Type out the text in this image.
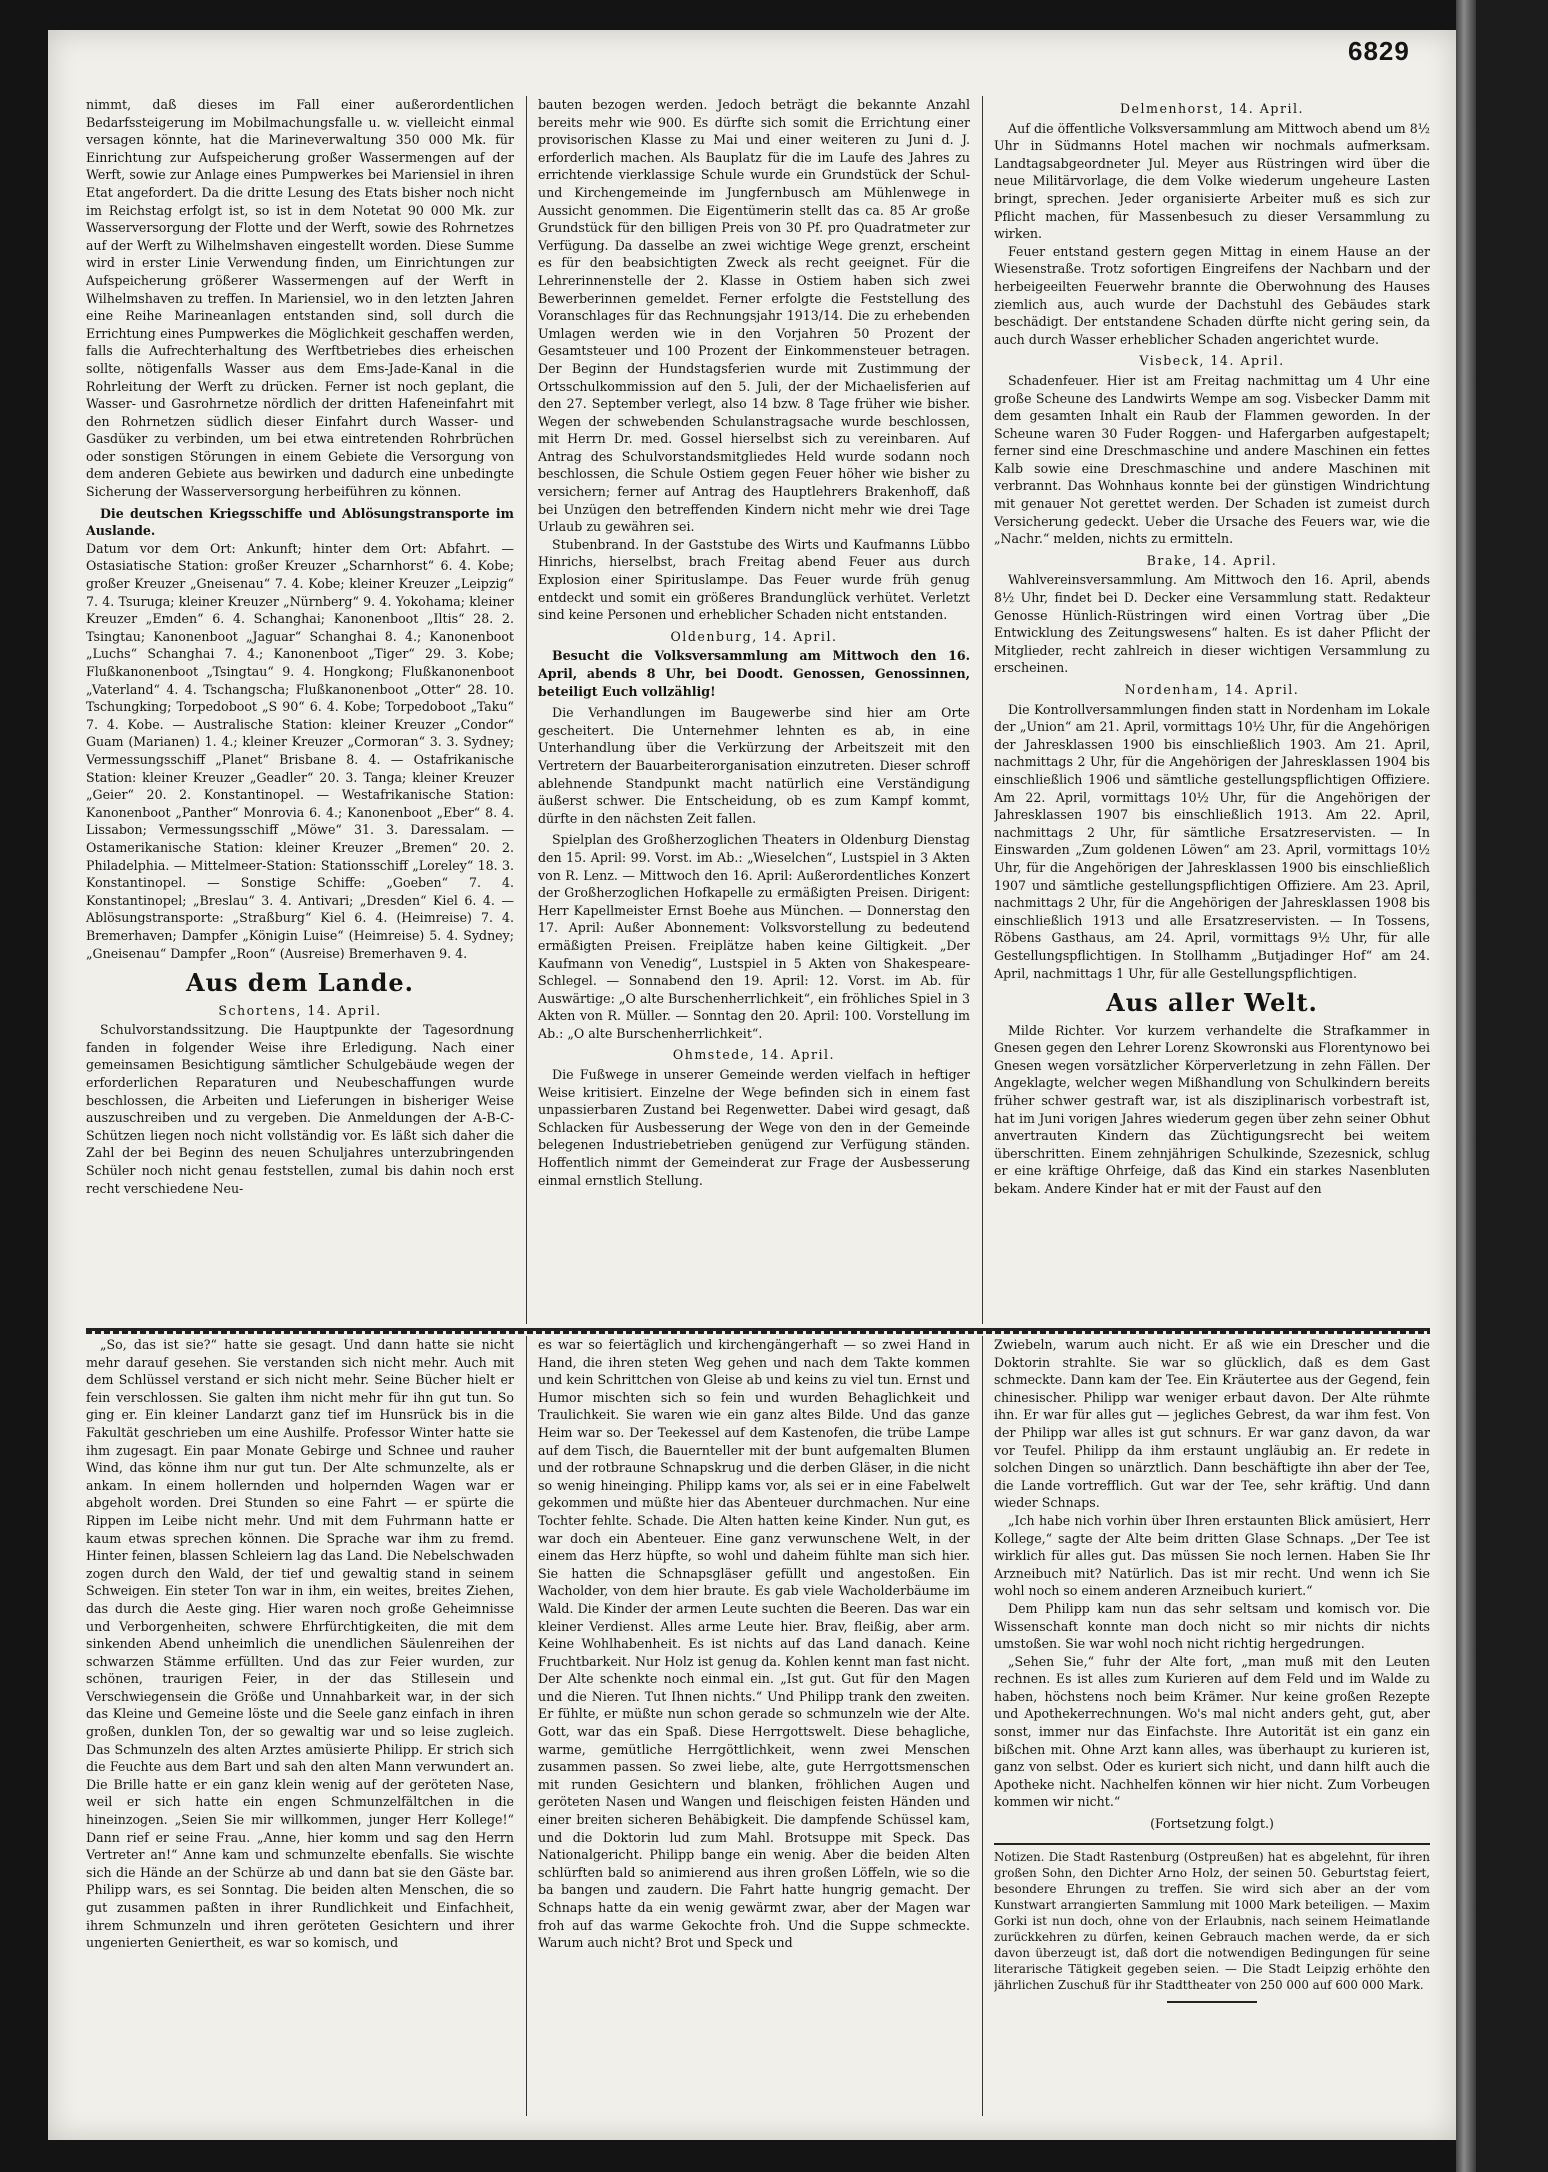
6829

nimmt, daß dieses im Fall einer außerordentlichen Bedarfssteigerung im Mobilmachungsfalle u. w. vielleicht einmal versagen könnte, hat die Marineverwaltung 350 000 Mk. für Einrichtung zur Aufspeicherung großer Wassermengen auf der Werft, sowie zur Anlage eines Pumpwerkes bei Mariensiel in ihren Etat angefordert. Da die dritte Lesung des Etats bisher noch nicht im Reichstag erfolgt ist, so ist in dem Notetat 90 000 Mk. zur Wasserversorgung der Flotte und der Werft, sowie des Rohrnetzes auf der Werft zu Wilhelmshaven eingestellt worden. Diese Summe wird in erster Linie Verwendung finden, um Einrichtungen zur Aufspeicherung größerer Wassermengen auf der Werft in Wilhelmshaven zu treffen. In Mariensiel, wo in den letzten Jahren eine Reihe Marineanlagen entstanden sind, soll durch die Errichtung eines Pumpwerkes die Möglichkeit geschaffen werden, falls die Aufrechterhaltung des Werftbetriebes dies erheischen sollte, nötigenfalls Wasser aus dem Ems-Jade-Kanal in die Rohrleitung der Werft zu drücken. Ferner ist noch geplant, die Wasser- und Gasrohrnetze nördlich der dritten Hafeneinfahrt mit den Rohrnetzen südlich dieser Einfahrt durch Wasser- und Gasdüker zu verbinden, um bei etwa eintretenden Rohrbrüchen oder sonstigen Störungen in einem Gebiete die Versorgung von dem anderen Gebiete aus bewirken und dadurch eine unbedingte Sicherung der Wasserversorgung herbeiführen zu können.

Die deutschen Kriegsschiffe und Ablösungstransporte im Auslande.

Datum vor dem Ort: Ankunft; hinter dem Ort: Abfahrt. — Ostasiatische Station: großer Kreuzer „Scharnhorst“ 6. 4. Kobe; großer Kreuzer „Gneisenau“ 7. 4. Kobe; kleiner Kreuzer „Leipzig“ 7. 4. Tsuruga; kleiner Kreuzer „Nürnberg“ 9. 4. Yokohama; kleiner Kreuzer „Emden“ 6. 4. Schanghai; Kanonenboot „Iltis“ 28. 2. Tsingtau; Kanonenboot „Jaguar“ Schanghai 8. 4.; Kanonenboot „Luchs“ Schanghai 7. 4.; Kanonenboot „Tiger“ 29. 3. Kobe; Flußkanonenboot „Tsingtau“ 9. 4. Hongkong; Flußkanonenboot „Vaterland“ 4. 4. Tschangscha; Flußkanonenboot „Otter“ 28. 10. Tschungking; Torpedoboot „S 90“ 6. 4. Kobe; Torpedoboot „Taku“ 7. 4. Kobe. — Australische Station: kleiner Kreuzer „Condor“ Guam (Marianen) 1. 4.; kleiner Kreuzer „Cormoran“ 3. 3. Sydney; Vermessungsschiff „Planet“ Brisbane 8. 4. — Ostafrikanische Station: kleiner Kreuzer „Geadler“ 20. 3. Tanga; kleiner Kreuzer „Geier“ 20. 2. Konstantinopel. — Westafrikanische Station: Kanonenboot „Panther“ Monrovia 6. 4.; Kanonenboot „Eber“ 8. 4. Lissabon; Vermessungsschiff „Möwe“ 31. 3. Daressalam. — Ostamerikanische Station: kleiner Kreuzer „Bremen“ 20. 2. Philadelphia. — Mittelmeer-Station: Stationsschiff „Loreley“ 18. 3. Konstantinopel. — Sonstige Schiffe: „Goeben“ 7. 4. Konstantinopel; „Breslau“ 3. 4. Antivari; „Dresden“ Kiel 6. 4. — Ablösungstransporte: „Straßburg“ Kiel 6. 4. (Heimreise) 7. 4. Bremerhaven; Dampfer „Königin Luise“ (Heimreise) 5. 4. Sydney; „Gneisenau“ Dampfer „Roon“ (Ausreise) Bremerhaven 9. 4.

Aus dem Lande.
Schortens, 14. April.

Schulvorstandssitzung. Die Hauptpunkte der Tagesordnung fanden in folgender Weise ihre Erledigung. Nach einer gemeinsamen Besichtigung sämtlicher Schulgebäude wegen der erforderlichen Reparaturen und Neubeschaffungen wurde beschlossen, die Arbeiten und Lieferungen in bisheriger Weise auszuschreiben und zu vergeben. Die Anmeldungen der A-B-C-Schützen liegen noch nicht vollständig vor. Es läßt sich daher die Zahl der bei Beginn des neuen Schuljahres unterzubringenden Schüler noch nicht genau feststellen, zumal bis dahin noch erst recht verschiedene Neu-

bauten bezogen werden. Jedoch beträgt die bekannte Anzahl bereits mehr wie 900. Es dürfte sich somit die Errichtung einer provisorischen Klasse zu Mai und einer weiteren zu Juni d. J. erforderlich machen. Als Bauplatz für die im Laufe des Jahres zu errichtende vierklassige Schule wurde ein Grundstück der Schul- und Kirchengemeinde im Jungfernbusch am Mühlenwege in Aussicht genommen. Die Eigentümerin stellt das ca. 85 Ar große Grundstück für den billigen Preis von 30 Pf. pro Quadratmeter zur Verfügung. Da dasselbe an zwei wichtige Wege grenzt, erscheint es für den beabsichtigten Zweck als recht geeignet. Für die Lehrerinnenstelle der 2. Klasse in Ostiem haben sich zwei Bewerberinnen gemeldet. Ferner erfolgte die Feststellung des Voranschlages für das Rechnungsjahr 1913/14. Die zu erhebenden Umlagen werden wie in den Vorjahren 50 Prozent der Gesamtsteuer und 100 Prozent der Einkommensteuer betragen. Der Beginn der Hundstagsferien wurde mit Zustimmung der Ortsschulkommission auf den 5. Juli, der der Michaelisferien auf den 27. September verlegt, also 14 bzw. 8 Tage früher wie bisher. Wegen der schwebenden Schulanstragsache wurde beschlossen, mit Herrn Dr. med. Gossel hierselbst sich zu vereinbaren. Auf Antrag des Schulvorstandsmitgliedes Held wurde sodann noch beschlossen, die Schule Ostiem gegen Feuer höher wie bisher zu versichern; ferner auf Antrag des Hauptlehrers Brakenhoff, daß bei Unzügen den betreffenden Kindern nicht mehr wie drei Tage Urlaub zu gewähren sei.

Stubenbrand. In der Gaststube des Wirts und Kaufmanns Lübbo Hinrichs, hierselbst, brach Freitag abend Feuer aus durch Explosion einer Spirituslampe. Das Feuer wurde früh genug entdeckt und somit ein größeres Brandunglück verhütet. Verletzt sind keine Personen und erheblicher Schaden nicht entstanden.

Oldenburg, 14. April.

Besucht die Volksversammlung am Mittwoch den 16. April, abends 8 Uhr, bei Doodt. Genossen, Genossinnen, beteiligt Euch vollzählig!

Die Verhandlungen im Baugewerbe sind hier am Orte gescheitert. Die Unternehmer lehnten es ab, in eine Unterhandlung über die Verkürzung der Arbeitszeit mit den Vertretern der Bauarbeiterorganisation einzutreten. Dieser schroff ablehnende Standpunkt macht natürlich eine Verständigung äußerst schwer. Die Entscheidung, ob es zum Kampf kommt, dürfte in den nächsten Zeit fallen.

Spielplan des Großherzoglichen Theaters in Oldenburg Dienstag den 15. April: 99. Vorst. im Ab.: „Wieselchen“, Lustspiel in 3 Akten von R. Lenz. — Mittwoch den 16. April: Außerordentliches Konzert der Großherzoglichen Hofkapelle zu ermäßigten Preisen. Dirigent: Herr Kapellmeister Ernst Boehe aus München. — Donnerstag den 17. April: Außer Abonnement: Volksvorstellung zu bedeutend ermäßigten Preisen. Freiplätze haben keine Giltigkeit. „Der Kaufmann von Venedig“, Lustspiel in 5 Akten von Shakespeare-Schlegel. — Sonnabend den 19. April: 12. Vorst. im Ab. für Auswärtige: „O alte Burschenherrlichkeit“, ein fröhliches Spiel in 3 Akten von R. Müller. — Sonntag den 20. April: 100. Vorstellung im Ab.: „O alte Burschenherrlichkeit“.

Ohmstede, 14. April.

Die Fußwege in unserer Gemeinde werden vielfach in heftiger Weise kritisiert. Einzelne der Wege befinden sich in einem fast unpassierbaren Zustand bei Regenwetter. Dabei wird gesagt, daß Schlacken für Ausbesserung der Wege von den in der Gemeinde belegenen Industriebetrieben genügend zur Verfügung ständen. Hoffentlich nimmt der Gemeinderat zur Frage der Ausbesserung einmal ernstlich Stellung.

Delmenhorst, 14. April.

Auf die öffentliche Volksversammlung am Mittwoch abend um 8½ Uhr in Südmanns Hotel machen wir nochmals aufmerksam. Landtagsabgeordneter Jul. Meyer aus Rüstringen wird über die neue Militärvorlage, die dem Volke wiederum ungeheure Lasten bringt, sprechen. Jeder organisierte Arbeiter muß es sich zur Pflicht machen, für Massenbesuch zu dieser Versammlung zu wirken.

Feuer entstand gestern gegen Mittag in einem Hause an der Wiesenstraße. Trotz sofortigen Eingreifens der Nachbarn und der herbeigeeilten Feuerwehr brannte die Oberwohnung des Hauses ziemlich aus, auch wurde der Dachstuhl des Gebäudes stark beschädigt. Der entstandene Schaden dürfte nicht gering sein, da auch durch Wasser erheblicher Schaden angerichtet wurde.

Visbeck, 14. April.

Schadenfeuer. Hier ist am Freitag nachmittag um 4 Uhr eine große Scheune des Landwirts Wempe am sog. Visbecker Damm mit dem gesamten Inhalt ein Raub der Flammen geworden. In der Scheune waren 30 Fuder Roggen- und Hafergarben aufgestapelt; ferner sind eine Dreschmaschine und andere Maschinen ein fettes Kalb sowie eine Dreschmaschine und andere Maschinen mit verbrannt. Das Wohnhaus konnte bei der günstigen Windrichtung mit genauer Not gerettet werden. Der Schaden ist zumeist durch Versicherung gedeckt. Ueber die Ursache des Feuers war, wie die „Nachr.“ melden, nichts zu ermitteln.

Brake, 14. April.

Wahlvereinsversammlung. Am Mittwoch den 16. April, abends 8½ Uhr, findet bei D. Decker eine Versammlung statt. Redakteur Genosse Hünlich-Rüstringen wird einen Vortrag über „Die Entwicklung des Zeitungswesens“ halten. Es ist daher Pflicht der Mitglieder, recht zahlreich in dieser wichtigen Versammlung zu erscheinen.

Nordenham, 14. April.

Die Kontrollversammlungen finden statt in Nordenham im Lokale der „Union“ am 21. April, vormittags 10½ Uhr, für die Angehörigen der Jahresklassen 1900 bis einschließlich 1903. Am 21. April, nachmittags 2 Uhr, für die Angehörigen der Jahresklassen 1904 bis einschließlich 1906 und sämtliche gestellungspflichtigen Offiziere. Am 22. April, vormittags 10½ Uhr, für die Angehörigen der Jahresklassen 1907 bis einschließlich 1913. Am 22. April, nachmittags 2 Uhr, für sämtliche Ersatzreservisten. — In Einswarden „Zum goldenen Löwen“ am 23. April, vormittags 10½ Uhr, für die Angehörigen der Jahresklassen 1900 bis einschließlich 1907 und sämtliche gestellungspflichtigen Offiziere. Am 23. April, nachmittags 2 Uhr, für die Angehörigen der Jahresklassen 1908 bis einschließlich 1913 und alle Ersatzreservisten. — In Tossens, Röbens Gasthaus, am 24. April, vormittags 9½ Uhr, für alle Gestellungspflichtigen. In Stollhamm „Butjadinger Hof“ am 24. April, nachmittags 1 Uhr, für alle Gestellungspflichtigen.

Aus aller Welt.

Milde Richter. Vor kurzem verhandelte die Strafkammer in Gnesen gegen den Lehrer Lorenz Skowronski aus Florentynowo bei Gnesen wegen vorsätzlicher Körperverletzung in zehn Fällen. Der Angeklagte, welcher wegen Mißhandlung von Schulkindern bereits früher schwer gestraft war, ist als disziplinarisch vorbestraft ist, hat im Juni vorigen Jahres wiederum gegen über zehn seiner Obhut anvertrauten Kindern das Züchtigungsrecht bei weitem überschritten. Einem zehnjährigen Schulkinde, Szezesnick, schlug er eine kräftige Ohrfeige, daß das Kind ein starkes Nasenbluten bekam. Andere Kinder hat er mit der Faust auf den

„So, das ist sie?“ hatte sie gesagt. Und dann hatte sie nicht mehr darauf gesehen. Sie verstanden sich nicht mehr. Auch mit dem Schlüssel verstand er sich nicht mehr. Seine Bücher hielt er fein verschlossen. Sie galten ihm nicht mehr für ihn gut tun. So ging er. Ein kleiner Landarzt ganz tief im Hunsrück bis in die Fakultät geschrieben um eine Aushilfe. Professor Winter hatte sie ihm zugesagt. Ein paar Monate Gebirge und Schnee und rauher Wind, das könne ihm nur gut tun. Der Alte schmunzelte, als er ankam. In einem hollernden und holpernden Wagen war er abgeholt worden. Drei Stunden so eine Fahrt — er spürte die Rippen im Leibe nicht mehr. Und mit dem Fuhrmann hatte er kaum etwas sprechen können. Die Sprache war ihm zu fremd. Hinter feinen, blassen Schleiern lag das Land. Die Nebelschwaden zogen durch den Wald, der tief und gewaltig stand in seinem Schweigen. Ein steter Ton war in ihm, ein weites, breites Ziehen, das durch die Aeste ging. Hier waren noch große Geheimnisse und Verborgenheiten, schwere Ehrfürchtigkeiten, die mit dem sinkenden Abend unheimlich die unendlichen Säulenreihen der schwarzen Stämme erfüllten. Und das zur Feier wurden, zur schönen, traurigen Feier, in der das Stillesein und Verschwiegensein die Größe und Unnahbarkeit war, in der sich das Kleine und Gemeine löste und die Seele ganz einfach in ihren großen, dunklen Ton, der so gewaltig war und so leise zugleich. Das Schmunzeln des alten Arztes amüsierte Philipp. Er strich sich die Feuchte aus dem Bart und sah den alten Mann verwundert an. Die Brille hatte er ein ganz klein wenig auf der geröteten Nase, weil er sich hatte ein engen Schmunzelfältchen in die hineinzogen. „Seien Sie mir willkommen, junger Herr Kollege!“ Dann rief er seine Frau. „Anne, hier komm und sag den Herrn Vertreter an!“ Anne kam und schmunzelte ebenfalls. Sie wischte sich die Hände an der Schürze ab und dann bat sie den Gäste bar. Philipp wars, es sei Sonntag. Die beiden alten Menschen, die so gut zusammen paßten in ihrer Rundlichkeit und Einfachheit, ihrem Schmunzeln und ihren geröteten Gesichtern und ihrer ungenierten Geniertheit, es war so komisch, und

es war so feiertäglich und kirchengängerhaft — so zwei Hand in Hand, die ihren steten Weg gehen und nach dem Takte kommen und kein Schrittchen von Gleise ab und keins zu viel tun. Ernst und Humor mischten sich so fein und wurden Behaglichkeit und Traulichkeit. Sie waren wie ein ganz altes Bilde. Und das ganze Heim war so. Der Teekessel auf dem Kastenofen, die trübe Lampe auf dem Tisch, die Bauernteller mit der bunt aufgemalten Blumen und der rotbraune Schnapskrug und die derben Gläser, in die nicht so wenig hineinging. Philipp kams vor, als sei er in eine Fabelwelt gekommen und müßte hier das Abenteuer durchmachen. Nur eine Tochter fehlte. Schade. Die Alten hatten keine Kinder. Nun gut, es war doch ein Abenteuer. Eine ganz verwunschene Welt, in der einem das Herz hüpfte, so wohl und daheim fühlte man sich hier. Sie hatten die Schnapsgläser gefüllt und angestoßen. Ein Wacholder, von dem hier braute. Es gab viele Wacholderbäume im Wald. Die Kinder der armen Leute suchten die Beeren. Das war ein kleiner Verdienst. Alles arme Leute hier. Brav, fleißig, aber arm. Keine Wohlhabenheit. Es ist nichts auf das Land danach. Keine Fruchtbarkeit. Nur Holz ist genug da. Kohlen kennt man fast nicht. Der Alte schenkte noch einmal ein. „Ist gut. Gut für den Magen und die Nieren. Tut Ihnen nichts.“ Und Philipp trank den zweiten. Er fühlte, er müßte nun schon gerade so schmunzeln wie der Alte. Gott, war das ein Spaß. Diese Herrgottswelt. Diese behagliche, warme, gemütliche Herrgöttlichkeit, wenn zwei Menschen zusammen passen. So zwei liebe, alte, gute Herrgottsmenschen mit runden Gesichtern und blanken, fröhlichen Augen und geröteten Nasen und Wangen und fleischigen feisten Händen und einer breiten sicheren Behäbigkeit. Die dampfende Schüssel kam, und die Doktorin lud zum Mahl. Brotsuppe mit Speck. Das Nationalgericht. Philipp bange ein wenig. Aber die beiden Alten schlürften bald so animierend aus ihren großen Löffeln, wie so die ba bangen und zaudern. Die Fahrt hatte hungrig gemacht. Der Schnaps hatte da ein wenig gewärmt zwar, aber der Magen war froh auf das warme Gekochte froh. Und die Suppe schmeckte. Warum auch nicht? Brot und Speck und

Zwiebeln, warum auch nicht. Er aß wie ein Drescher und die Doktorin strahlte. Sie war so glücklich, daß es dem Gast schmeckte. Dann kam der Tee. Ein Kräutertee aus der Gegend, fein chinesischer. Philipp war weniger erbaut davon. Der Alte rühmte ihn. Er war für alles gut — jegliches Gebrest, da war ihm fest. Von der Philipp war alles ist gut schnurs. Er war ganz davon, da war vor Teufel. Philipp da ihm erstaunt ungläubig an. Er redete in solchen Dingen so unärztlich. Dann beschäftigte ihn aber der Tee, die Lande vortrefflich. Gut war der Tee, sehr kräftig. Und dann wieder Schnaps.

„Ich habe nich vorhin über Ihren erstaunten Blick amüsiert, Herr Kollege,“ sagte der Alte beim dritten Glase Schnaps. „Der Tee ist wirklich für alles gut. Das müssen Sie noch lernen. Haben Sie Ihr Arzneibuch mit? Natürlich. Das ist mir recht. Und wenn ich Sie wohl noch so einem anderen Arzneibuch kuriert.“

Dem Philipp kam nun das sehr seltsam und komisch vor. Die Wissenschaft konnte man doch nicht so mir nichts dir nichts umstoßen. Sie war wohl noch nicht richtig hergedrungen.

„Sehen Sie,“ fuhr der Alte fort, „man muß mit den Leuten rechnen. Es ist alles zum Kurieren auf dem Feld und im Walde zu haben, höchstens noch beim Krämer. Nur keine großen Rezepte und Apothekerrechnungen. Wo's mal nicht anders geht, gut, aber sonst, immer nur das Einfachste. Ihre Autorität ist ein ganz ein bißchen mit. Ohne Arzt kann alles, was überhaupt zu kurieren ist, ganz von selbst. Oder es kuriert sich nicht, und dann hilft auch die Apotheke nicht. Nachhelfen können wir hier nicht. Zum Vorbeugen kommen wir nicht.“

(Fortsetzung folgt.)
Notizen. Die Stadt Rastenburg (Ostpreußen) hat es abgelehnt, für ihren großen Sohn, den Dichter Arno Holz, der seinen 50. Geburtstag feiert, besondere Ehrungen zu treffen. Sie wird sich aber an der vom Kunstwart arrangierten Sammlung mit 1000 Mark beteiligen. — Maxim Gorki ist nun doch, ohne von der Erlaubnis, nach seinem Heimatlande zurückkehren zu dürfen, keinen Gebrauch machen werde, da er sich davon überzeugt ist, daß dort die notwendigen Bedingungen für seine literarische Tätigkeit gegeben seien. — Die Stadt Leipzig erhöhte den jährlichen Zuschuß für ihr Stadttheater von 250 000 auf 600 000 Mark.
